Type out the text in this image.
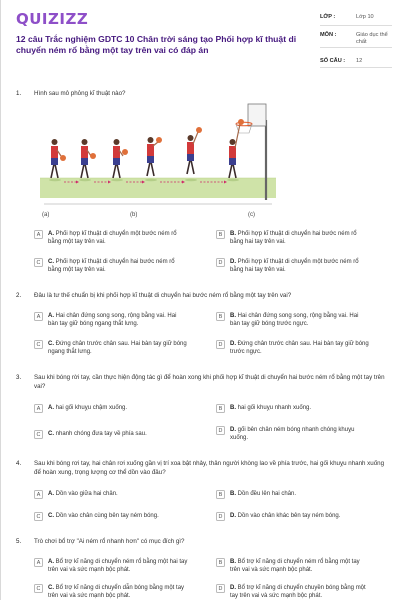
QUIZIZZ
12 câu Trắc nghiệm GDTC 10 Chân trời sáng tạo Phối hợp kĩ thuật di chuyển ném rổ bằng một tay trên vai có đáp án
LỚP :	Lớp 10
MÔN :	Giáo dục thể chất
SỐ CÂU :	12
1. Hình sau mô phỏng kĩ thuật nào?
(a)	(b)	(c)
2. Đâu là tư thế chuẩn bị khi phối hợp kĩ thuật di chuyển hai bước ném rổ bằng một tay trên vai?
3. Sau khi bóng rời tay, cần thực hiện động tác gì để hoàn xong khi phối hợp kĩ thuật di chuyển hai bước ném rổ bằng một tay trên vai?
4. Sau khi bóng rơi tay, hai chân rơi xuống gần vị trí xoa bật nhảy, thân người khòng lao về phía trước, hai gối khuỵu nhanh xuống để hoàn xung, trọng lượng cơ thể dồn vào đâu?
5. Trò chơi bổ trợ "Ai ném rổ nhanh hơn" có mục đích gì?
A	A. Phối hợp kĩ thuật di chuyển một bước ném rổ bằng một tay trên vai.
B	B. Phối hợp kĩ thuật di chuyển hai bước ném rổ bằng hai tay trên vai.
C	C. Phối hợp kĩ thuật di chuyển hai bước ném rổ bằng một tay trên vai.
D	D. Phối hợp kĩ thuật di chuyển một bước ném rổ bằng hai tay trên vai.
A	A. Hai chân đứng song song, rộng bằng vai. Hai bàn tay giữ bóng ngang thắt lưng.
B	B. Hai chân đứng song song, rộng bằng vai. Hai bàn tay giữ bóng trước ngực.
C	C. Đứng chân trước chân sau. Hai bàn tay giữ bóng ngang thắt lưng.
D	D. Đứng chân trước chân sau. Hai bàn tay giữ bóng trước ngực.
A	A. hai gối khuỵu chậm xuống.	B	B. hai gối khuỵu nhanh xuống.
C	C. nhanh chóng đưa tay về phía sau.
D	D. gối bên chân ném bóng nhanh chóng khuỵu xuống.
A	A. Dồn vào giữa hai chân.	B	B. Dồn đều lên hai chân.
C	C. Dồn vào chân cùng bên tay ném bóng.	D	D. Dồn vào chân khác bên tay ném bóng.
A	A. Bổ trợ kĩ năng di chuyển ném rổ bằng một hai tay trên vai và sức mạnh bộc phát.
B	B. Bổ trợ kĩ năng di chuyển ném rổ bằng một tay trên vai và sức mạnh bộc phát.
C	C. Bổ trợ kĩ năng di chuyển dẫn bóng bằng một tay trên vai và sức mạnh bộc phát.
D	D. Bổ trợ kĩ năng di chuyển chuyền bóng bằng một tay trên vai và sức mạnh bộc phát.
